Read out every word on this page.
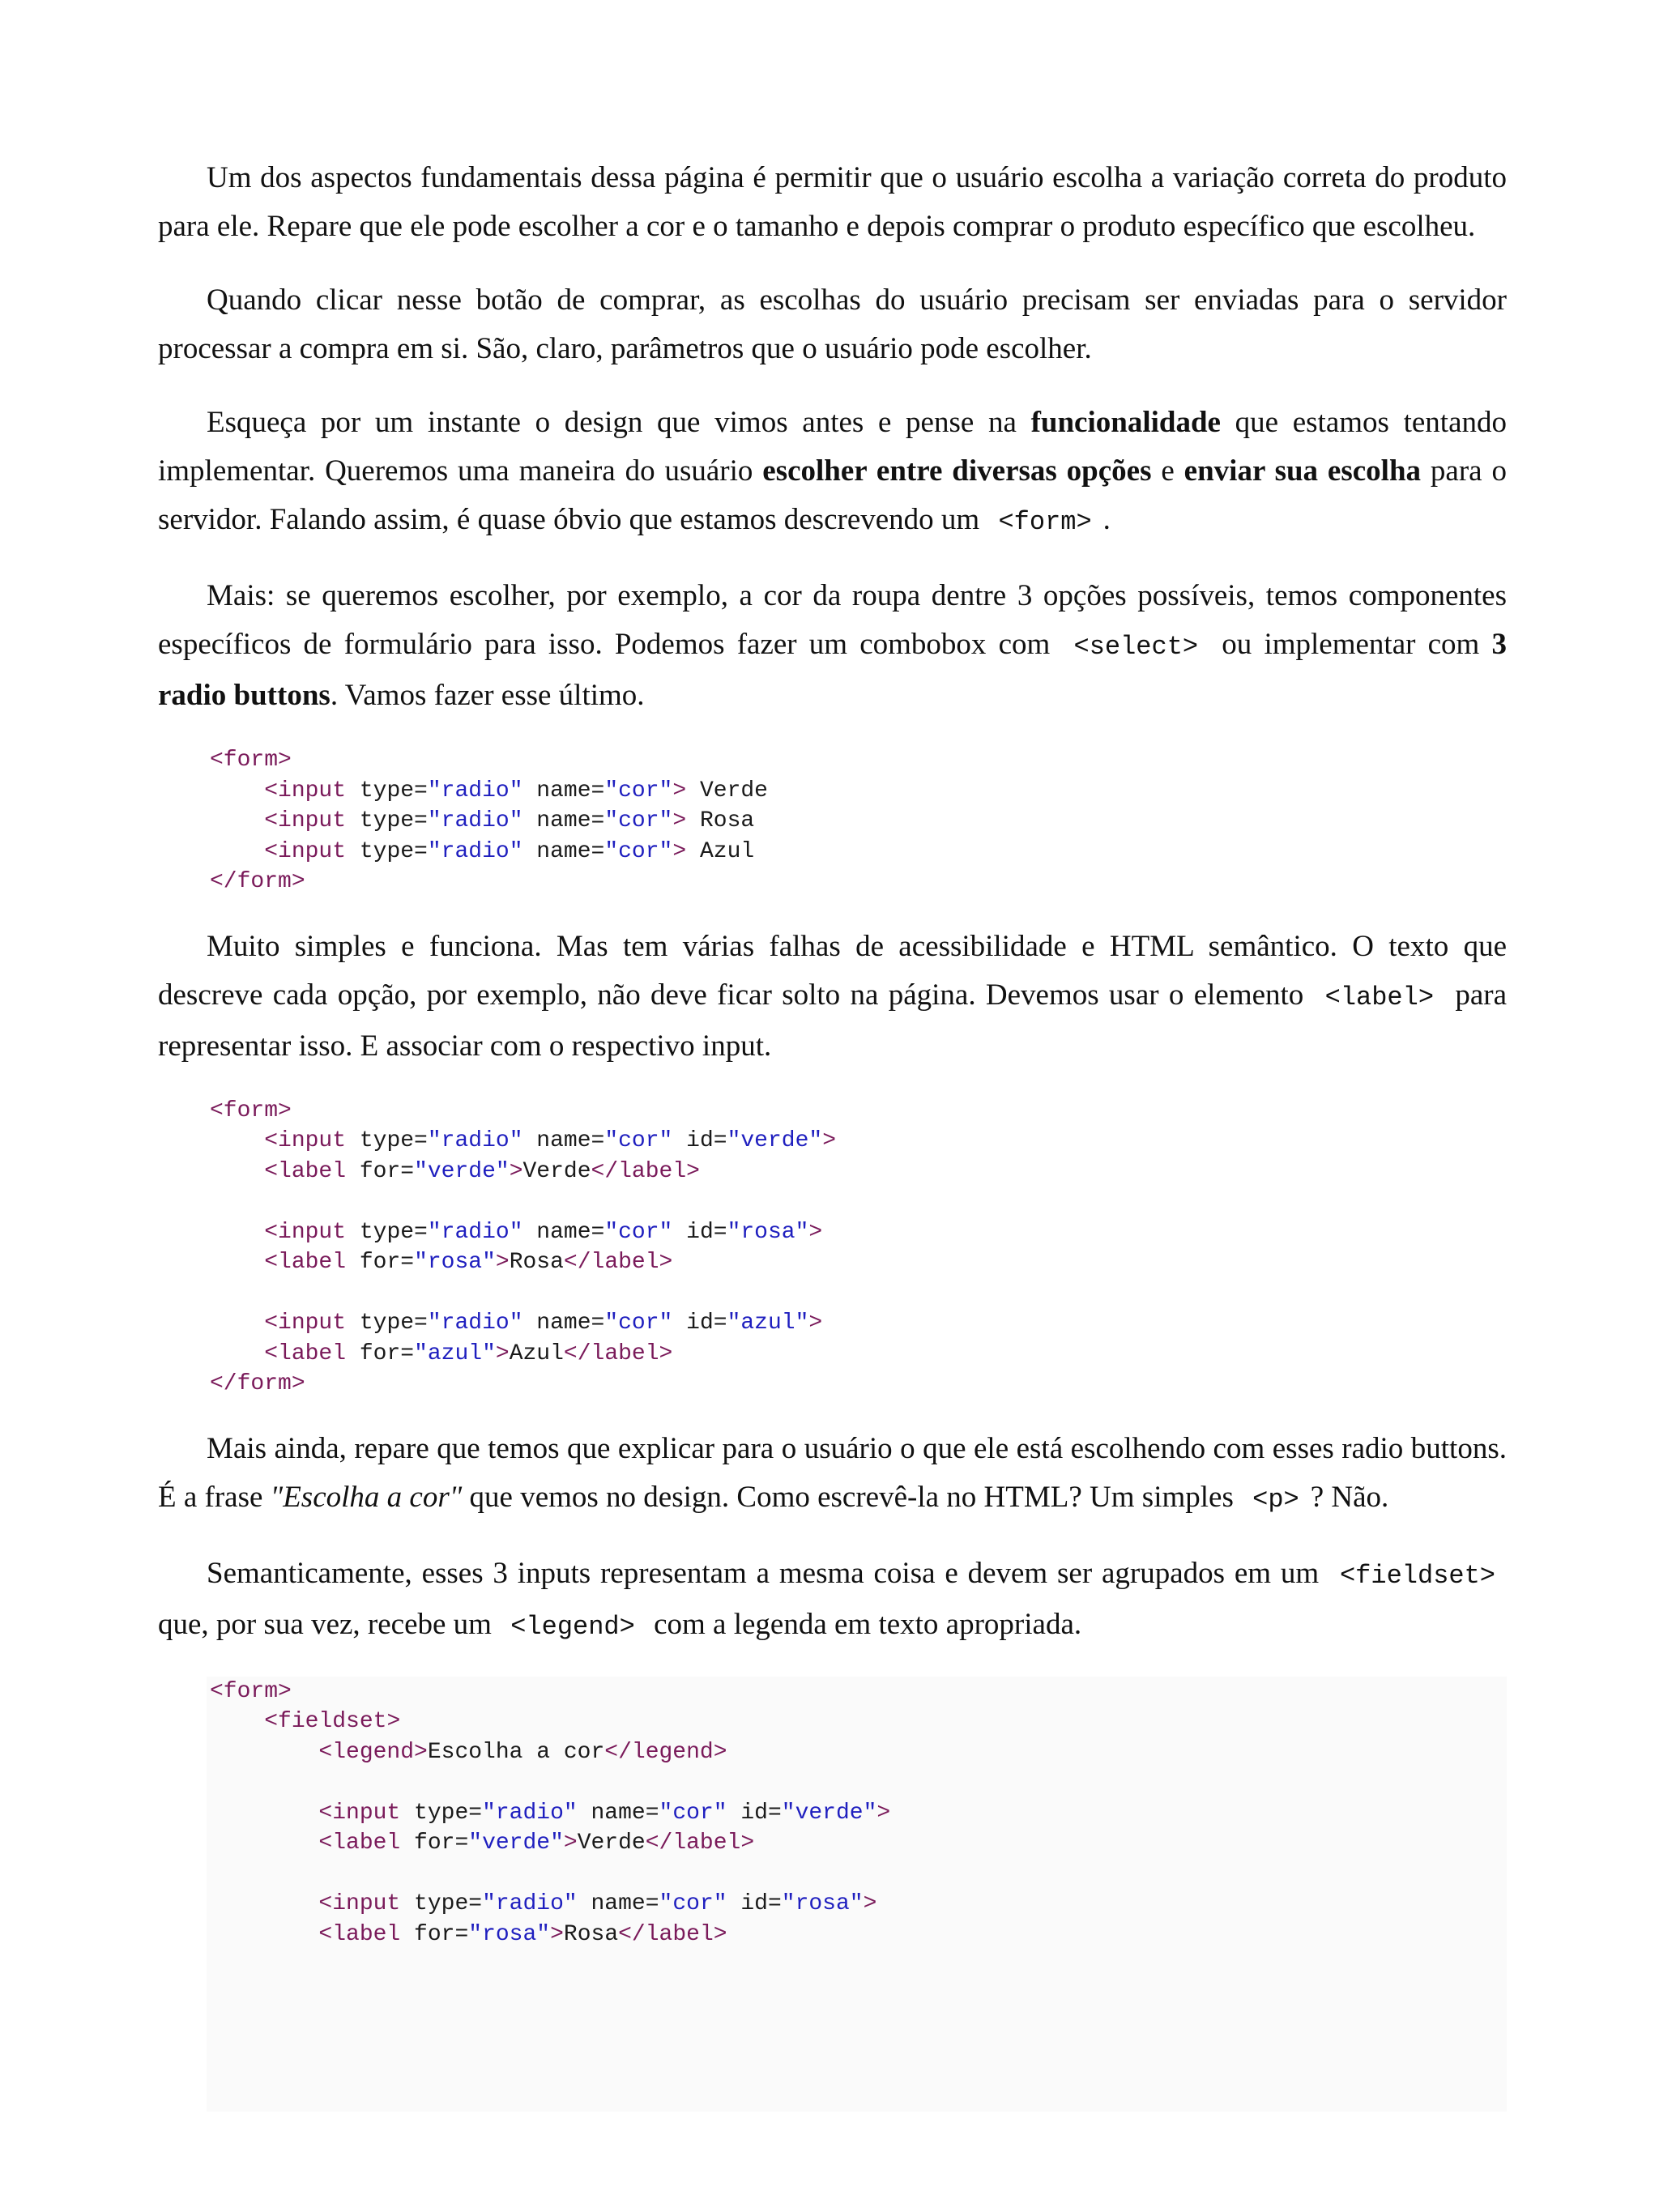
Um dos aspectos fundamentais dessa página é permitir que o usuário escolha a variação correta do produto para ele. Repare que ele pode escolher a cor e o tamanho e depois comprar o produto específico que escolheu.

Quando clicar nesse botão de comprar, as escolhas do usuário precisam ser enviadas para o servidor processar a compra em si. São, claro, parâmetros que o usuário pode escolher.

Esqueça por um instante o design que vimos antes e pense na funcionalidade que estamos tentando implementar. Queremos uma maneira do usuário escolher entre diversas opções e enviar sua escolha para o servidor. Falando assim, é quase óbvio que estamos descrevendo um <form> .

Mais: se queremos escolher, por exemplo, a cor da roupa dentre 3 opções possíveis, temos componentes específicos de formulário para isso. Podemos fazer um combobox com <select> ou implementar com 3 radio buttons. Vamos fazer esse último.

<form>
<input type="radio" name="cor"> Verde
<input type="radio" name="cor"> Rosa
<input type="radio" name="cor"> Azul
</form>

Muito simples e funciona. Mas tem várias falhas de acessibilidade e HTML semântico. O texto que descreve cada opção, por exemplo, não deve ficar solto na página. Devemos usar o elemento <label> para representar isso. E associar com o respectivo input.

<form>
<input type="radio" name="cor" id="verde">
<label for="verde">Verde</label>

<input type="radio" name="cor" id="rosa">
<label for="rosa">Rosa</label>

<input type="radio" name="cor" id="azul">
<label for="azul">Azul</label>
</form>

Mais ainda, repare que temos que explicar para o usuário o que ele está escolhendo com esses radio buttons. É a frase "Escolha a cor" que vemos no design. Como escrevê-la no HTML? Um simples <p> ? Não.

Semanticamente, esses 3 inputs representam a mesma coisa e devem ser agrupados em um <fieldset> que, por sua vez, recebe um <legend> com a legenda em texto apropriada.

<form>
<fieldset>
<legend>Escolha a cor</legend>

<input type="radio" name="cor" id="verde">
<label for="verde">Verde</label>

<input type="radio" name="cor" id="rosa">
<label for="rosa">Rosa</label>
